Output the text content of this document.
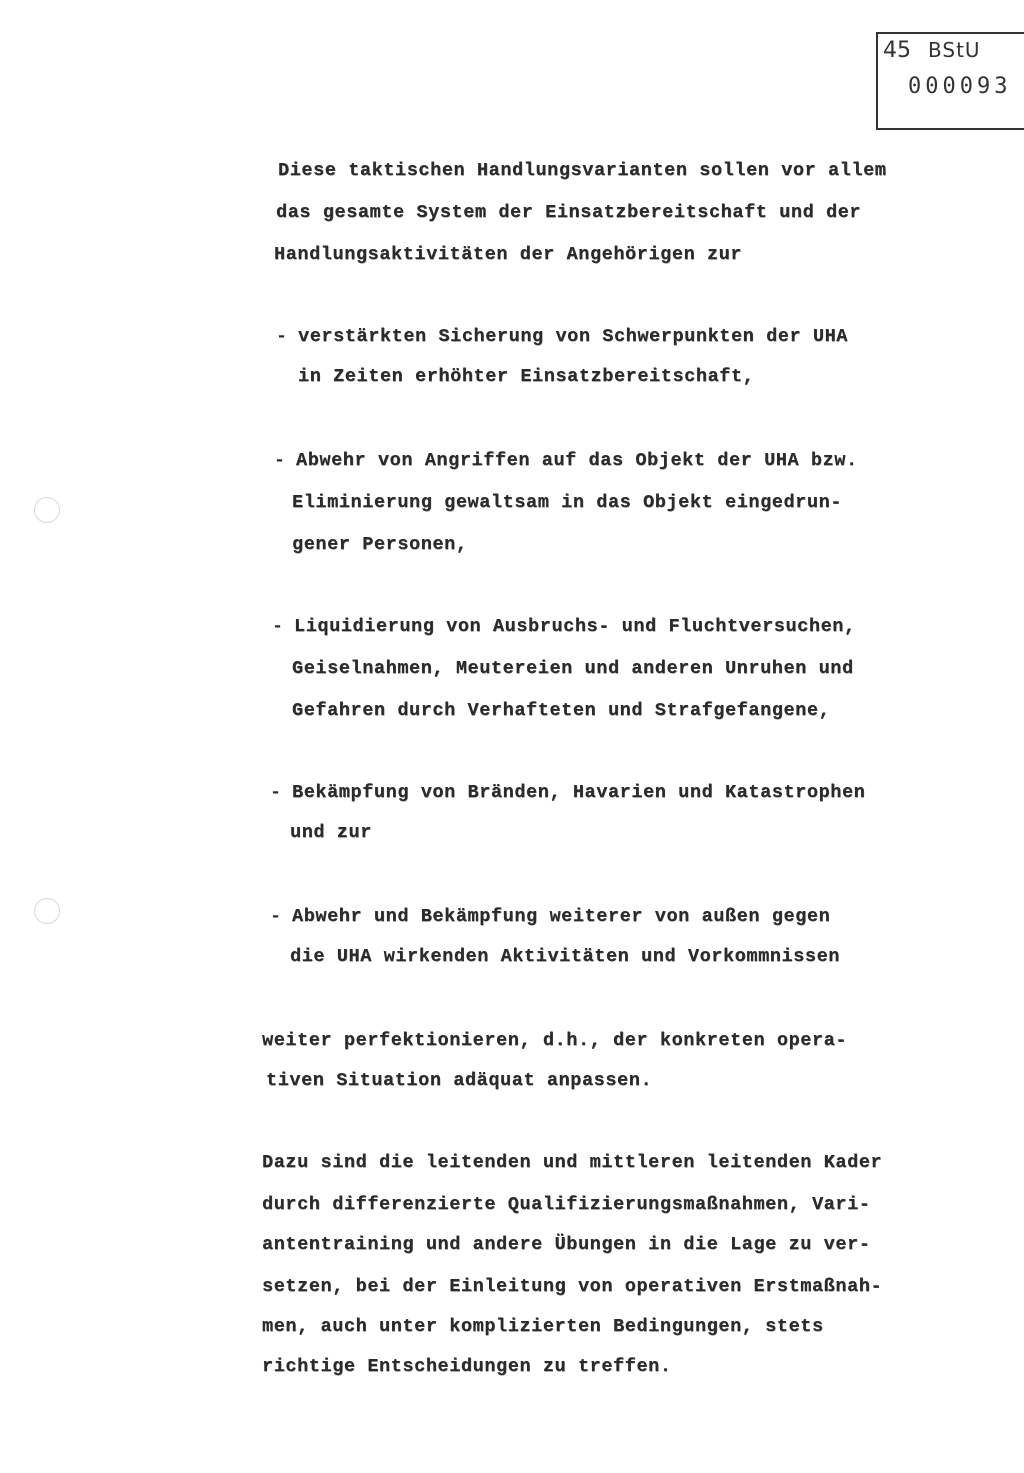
45 BStU
000093
Diese taktischen Handlungsvarianten sollen vor allem
das gesamte System der Einsatzbereitschaft und der
Handlungsaktivitäten der Angehörigen zur
- verstärkten Sicherung von Schwerpunkten der UHA
in Zeiten erhöhter Einsatzbereitschaft,
- Abwehr von Angriffen auf das Objekt der UHA bzw.
Eliminierung gewaltsam in das Objekt eingedrun-
gener Personen,
- Liquidierung von Ausbruchs- und Fluchtversuchen,
Geiselnahmen, Meutereien und anderen Unruhen und
Gefahren durch Verhafteten und Strafgefangene,
- Bekämpfung von Bränden, Havarien und Katastrophen
und zur
- Abwehr und Bekämpfung weiterer von außen gegen
die UHA wirkenden Aktivitäten und Vorkommnissen
weiter perfektionieren, d.h., der konkreten opera-
tiven Situation adäquat anpassen.
Dazu sind die leitenden und mittleren leitenden Kader
durch differenzierte Qualifizierungsmaßnahmen, Vari-
antentraining und andere Übungen in die Lage zu ver-
setzen, bei der Einleitung von operativen Erstmaßnah-
men, auch unter komplizierten Bedingungen, stets
richtige Entscheidungen zu treffen.
